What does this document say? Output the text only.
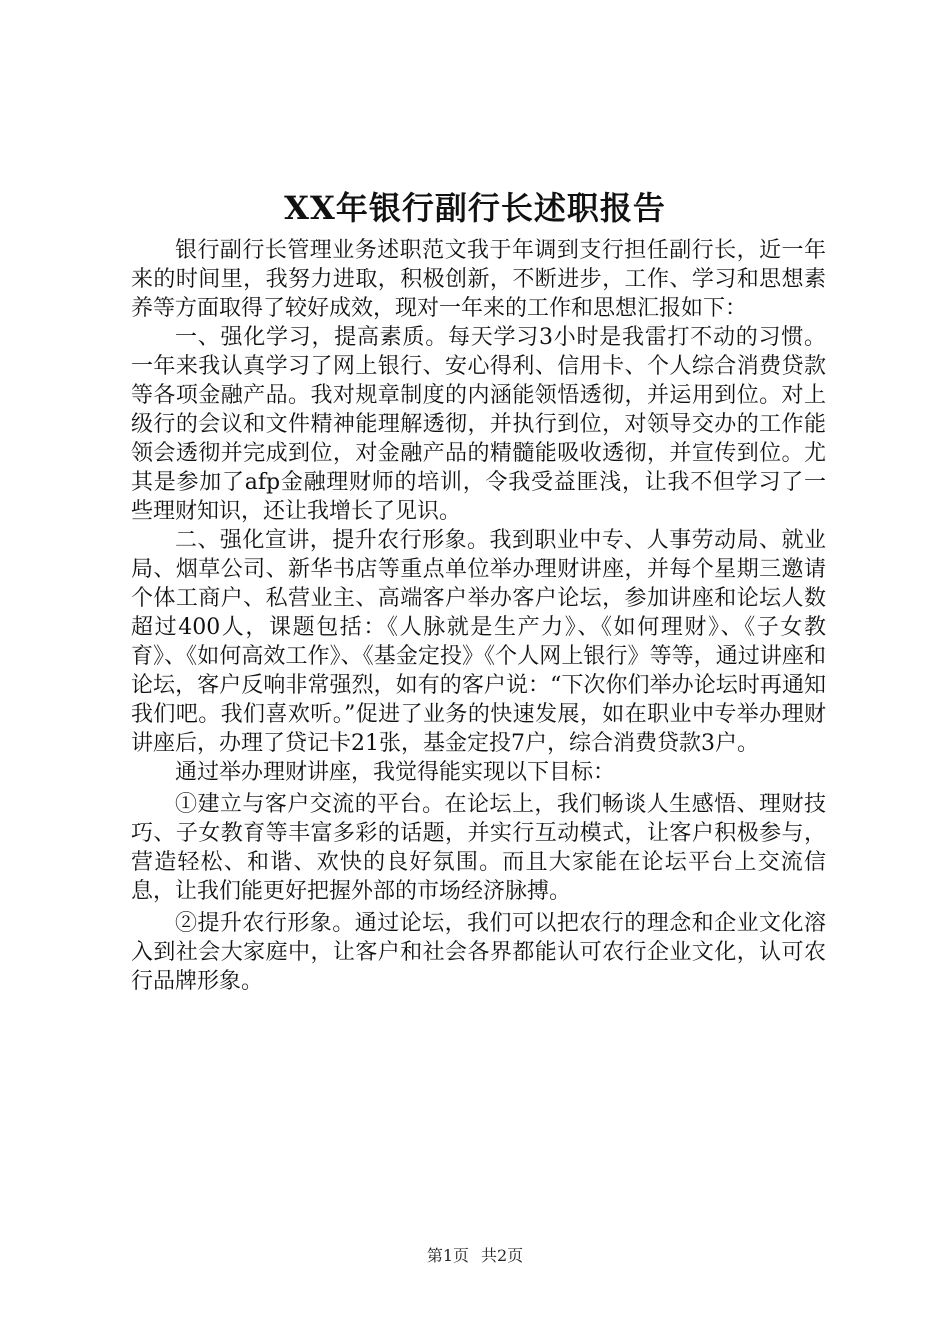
XX年银行副行长述职报告

银行副行长管理业务述职范文我于年调到支行担任副行长，近一年来的时间里，我努力进取，积极创新，不断进步，工作、学习和思想素养等方面取得了较好成效，现对一年来的工作和思想汇报如下：

一、强化学习，提高素质。每天学习3小时是我雷打不动的习惯。一年来我认真学习了网上银行、安心得利、信用卡、个人综合消费贷款等各项金融产品。我对规章制度的内涵能领悟透彻，并运用到位。对上级行的会议和文件精神能理解透彻，并执行到位，对领导交办的工作能领会透彻并完成到位，对金融产品的精髓能吸收透彻，并宣传到位。尤其是参加了afp金融理财师的培训，令我受益匪浅，让我不但学习了一些理财知识，还让我增长了见识。

二、强化宣讲，提升农行形象。我到职业中专、人事劳动局、就业局、烟草公司、新华书店等重点单位举办理财讲座，并每个星期三邀请个体工商户、私营业主、高端客户举办客户论坛，参加讲座和论坛人数超过400人，课题包括：《人脉就是生产力》、《如何理财》、《子女教育》、《如何高效工作》、《基金定投》《个人网上银行》等等，通过讲座和论坛，客户反响非常强烈，如有的客户说：“下次你们举办论坛时再通知我们吧。我们喜欢听。”促进了业务的快速发展，如在职业中专举办理财讲座后，办理了贷记卡21张，基金定投7户，综合消费贷款3户。

通过举办理财讲座，我觉得能实现以下目标：

①建立与客户交流的平台。在论坛上，我们畅谈人生感悟、理财技巧、子女教育等丰富多彩的话题，并实行互动模式，让客户积极参与，营造轻松、和谐、欢快的良好氛围。而且大家能在论坛平台上交流信息，让我们能更好把握外部的市场经济脉搏。

②提升农行形象。通过论坛，我们可以把农行的理念和企业文化溶入到社会大家庭中，让客户和社会各界都能认可农行企业文化，认可农行品牌形象。

第1页 共2页
